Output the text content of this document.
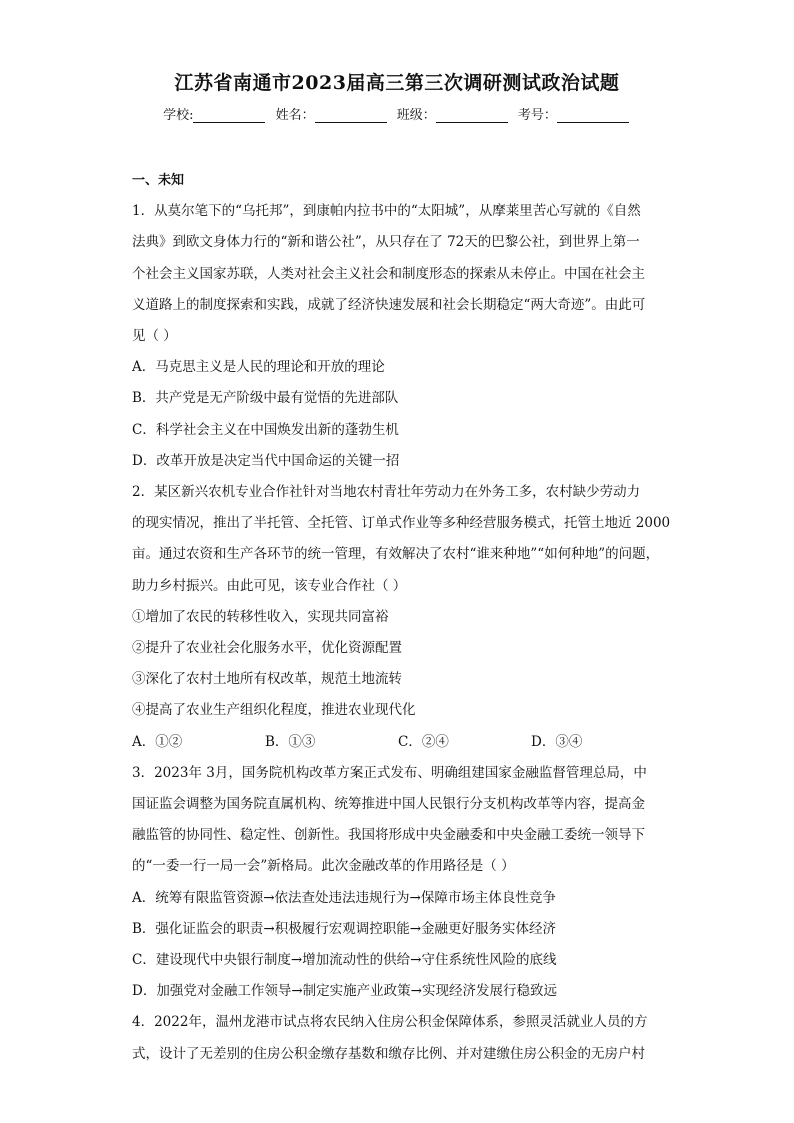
江苏省南通市2023届高三第三次调研测试政治试题
学校:	姓名：	班级：	考号：
一、未知
1．从莫尔笔下的“乌托邦”，到康帕内拉书中的“太阳城”，从摩莱里苦心写就的《自然
法典》到欧文身体力行的“新和谐公社”，从只存在了 72天的巴黎公社，到世界上第一
个社会主义国家苏联，人类对社会主义社会和制度形态的探索从未停止。中国在社会主
义道路上的制度探索和实践，成就了经济快速发展和社会长期稳定“两大奇迹”。由此可
见（ ）
A．马克思主义是人民的理论和开放的理论
B．共产党是无产阶级中最有觉悟的先进部队
C．科学社会主义在中国焕发出新的蓬勃生机
D．改革开放是决定当代中国命运的关键一招
2．某区新兴农机专业合作社针对当地农村青壮年劳动力在外务工多，农村缺少劳动力
的现实情况，推出了半托管、全托管、订单式作业等多种经营服务模式，托管土地近 2000
亩。通过农资和生产各环节的统一管理，有效解决了农村“谁来种地”“如何种地”的问题，
助力乡村振兴。由此可见，该专业合作社（ ）
①增加了农民的转移性收入，实现共同富裕
②提升了农业社会化服务水平，优化资源配置
③深化了农村土地所有权改革，规范土地流转
④提高了农业生产组织化程度，推进农业现代化
A．①②	B．①③	C．②④	D．③④
3．2023年 3月，国务院机构改革方案正式发布、明确组建国家金融监督管理总局，中
国证监会调整为国务院直属机构、统筹推进中国人民银行分支机构改革等内容，提高金
融监管的协同性、稳定性、创新性。我国将形成中央金融委和中央金融工委统一领导下
的“一委一行一局一会”新格局。此次金融改革的作用路径是（ ）
A．统筹有限监管资源→依法查处违法违规行为→保障市场主体良性竞争
B．强化证监会的职责→积极履行宏观调控职能→金融更好服务实体经济
C．建设现代中央银行制度→增加流动性的供给→守住系统性风险的底线
D．加强党对金融工作领导→制定实施产业政策→实现经济发展行稳致远
4．2022年，温州龙港市试点将农民纳入住房公积金保障体系，参照灵活就业人员的方
式，设计了无差别的住房公积金缴存基数和缴存比例、并对建缴住房公积金的无房户村
